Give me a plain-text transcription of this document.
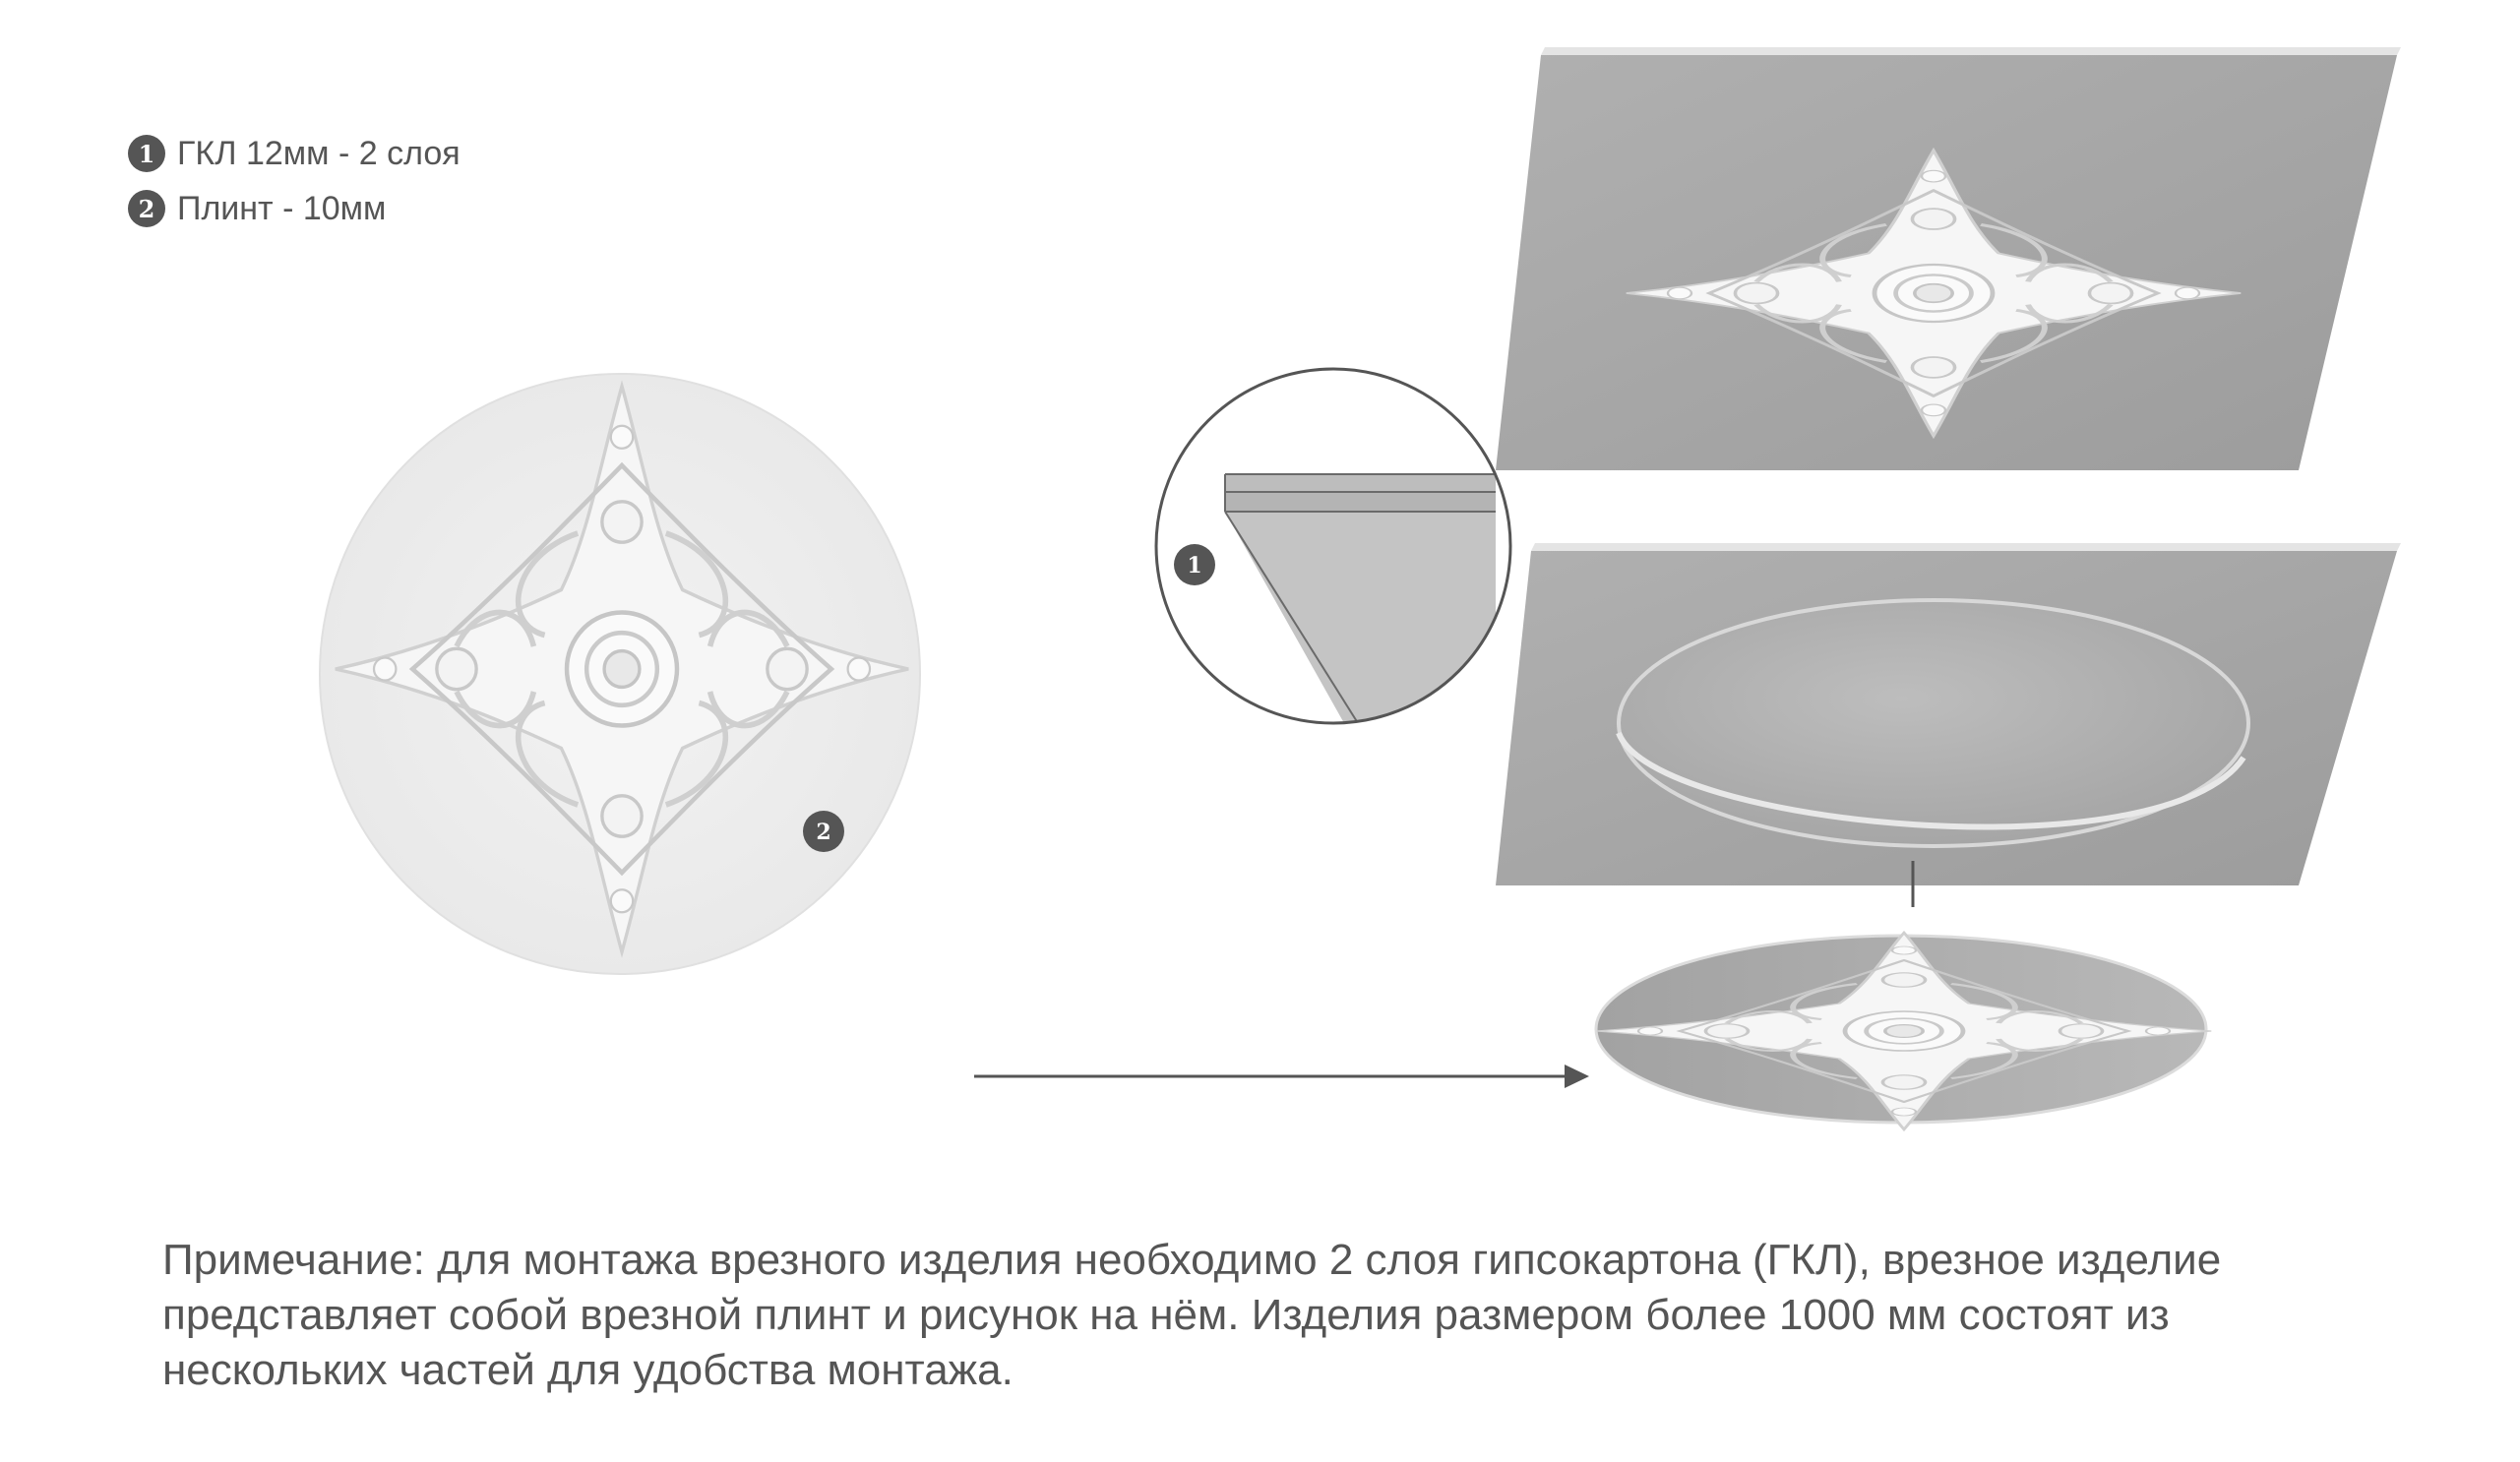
1 ГКЛ 12мм - 2 слоя
2 Плинт - 10мм
2
1
Примечание: для монтажа врезного изделия необходимо 2 слоя гипсокартона (ГКЛ), врезное изделие
представляет собой врезной плинт и рисунок на нём. Изделия размером более 1000 мм состоят из
нескольких частей для удобства монтажа.
